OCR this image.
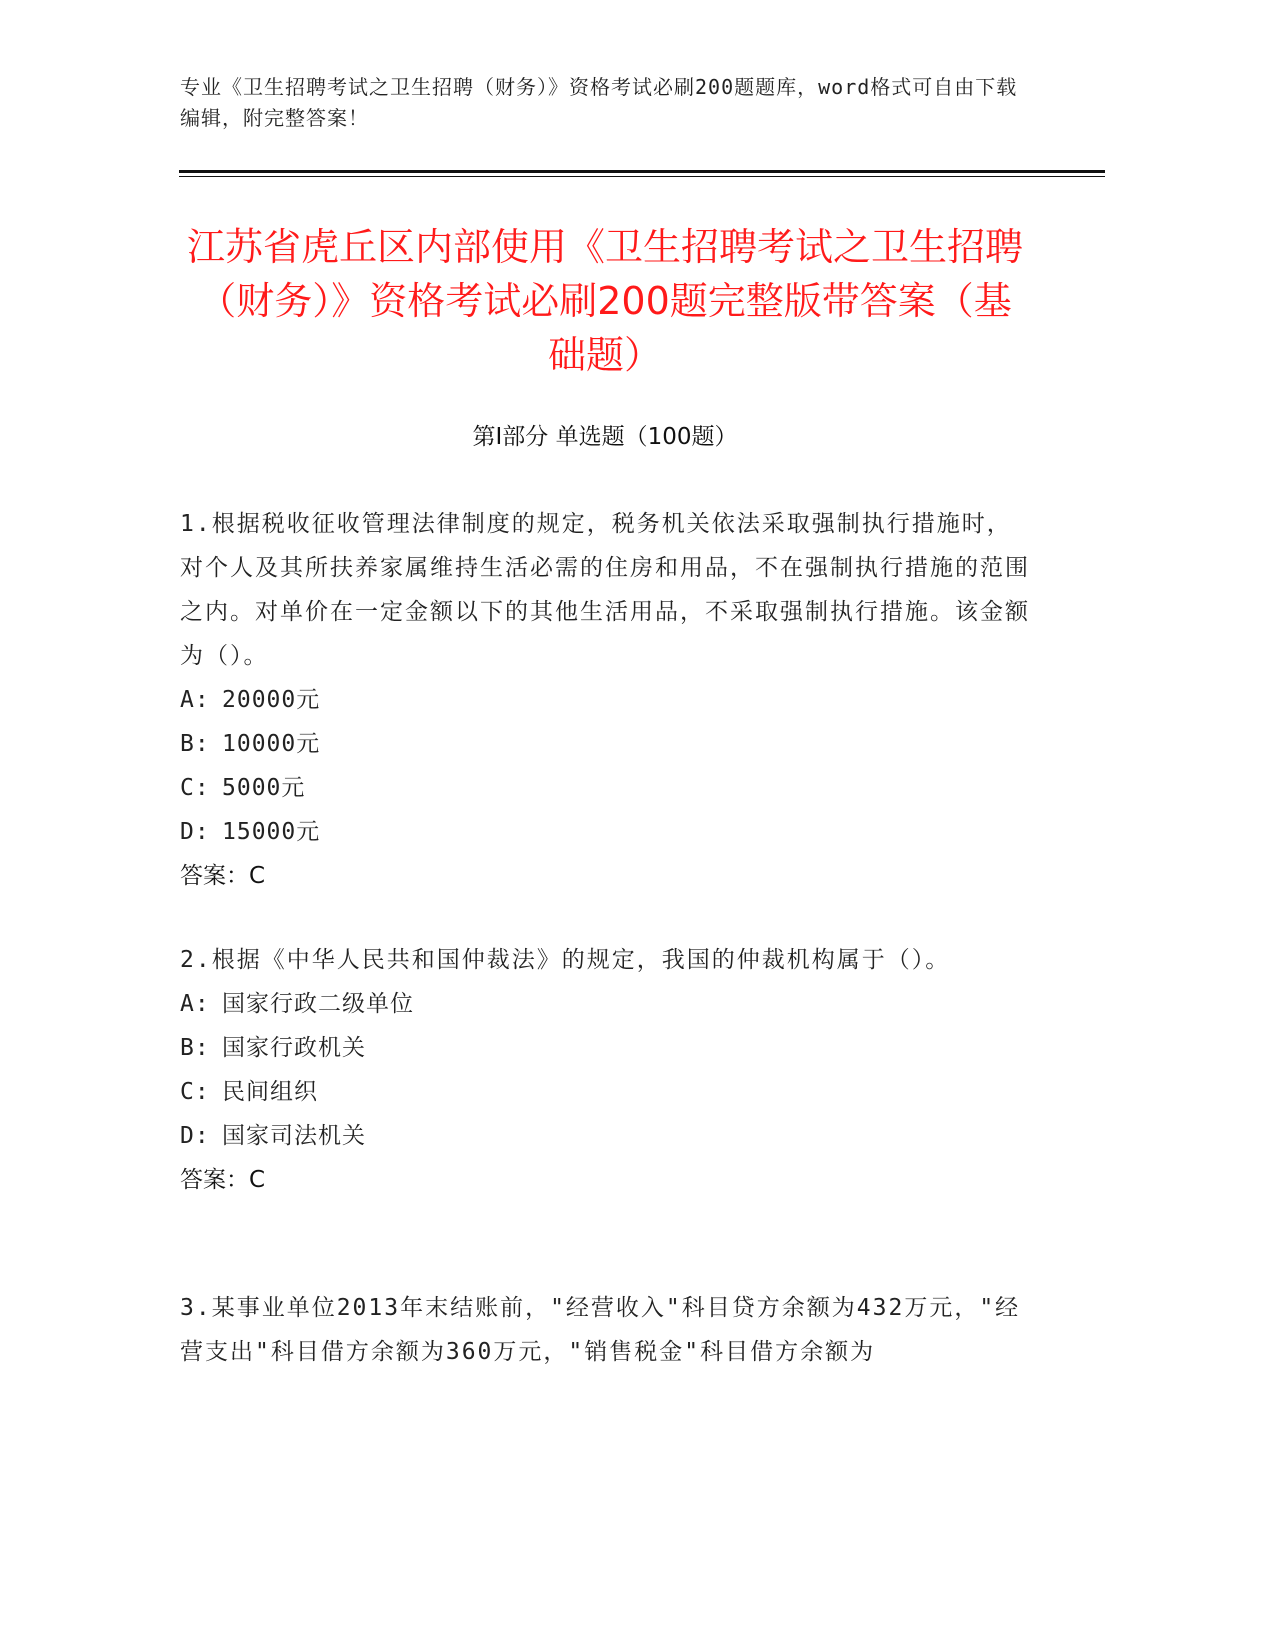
专业《卫生招聘考试之卫生招聘（财务）》资格考试必刷200题题库，word格式可自由下载编辑，附完整答案！
江苏省虎丘区内部使用《卫生招聘考试之卫生招聘（财务）》资格考试必刷200题完整版带答案（基础题）
第Ⅰ部分 单选题（100题）

1.根据税收征收管理法律制度的规定，税务机关依法采取强制执行措施时，对个人及其所扶养家属维持生活必需的住房和用品，不在强制执行措施的范围之内。对单价在一定金额以下的其他生活用品，不采取强制执行措施。该金额为（）。

A: 20000元
B: 10000元
C: 5000元
D: 15000元
答案：C

2.根据《中华人民共和国仲裁法》的规定，我国的仲裁机构属于（）。

A: 国家行政二级单位
B: 国家行政机关
C: 民间组织
D: 国家司法机关
答案：C

3.某事业单位2013年末结账前，"经营收入"科目贷方余额为432万元，"经营支出"科目借方余额为360万元，"销售税金"科目借方余额为
